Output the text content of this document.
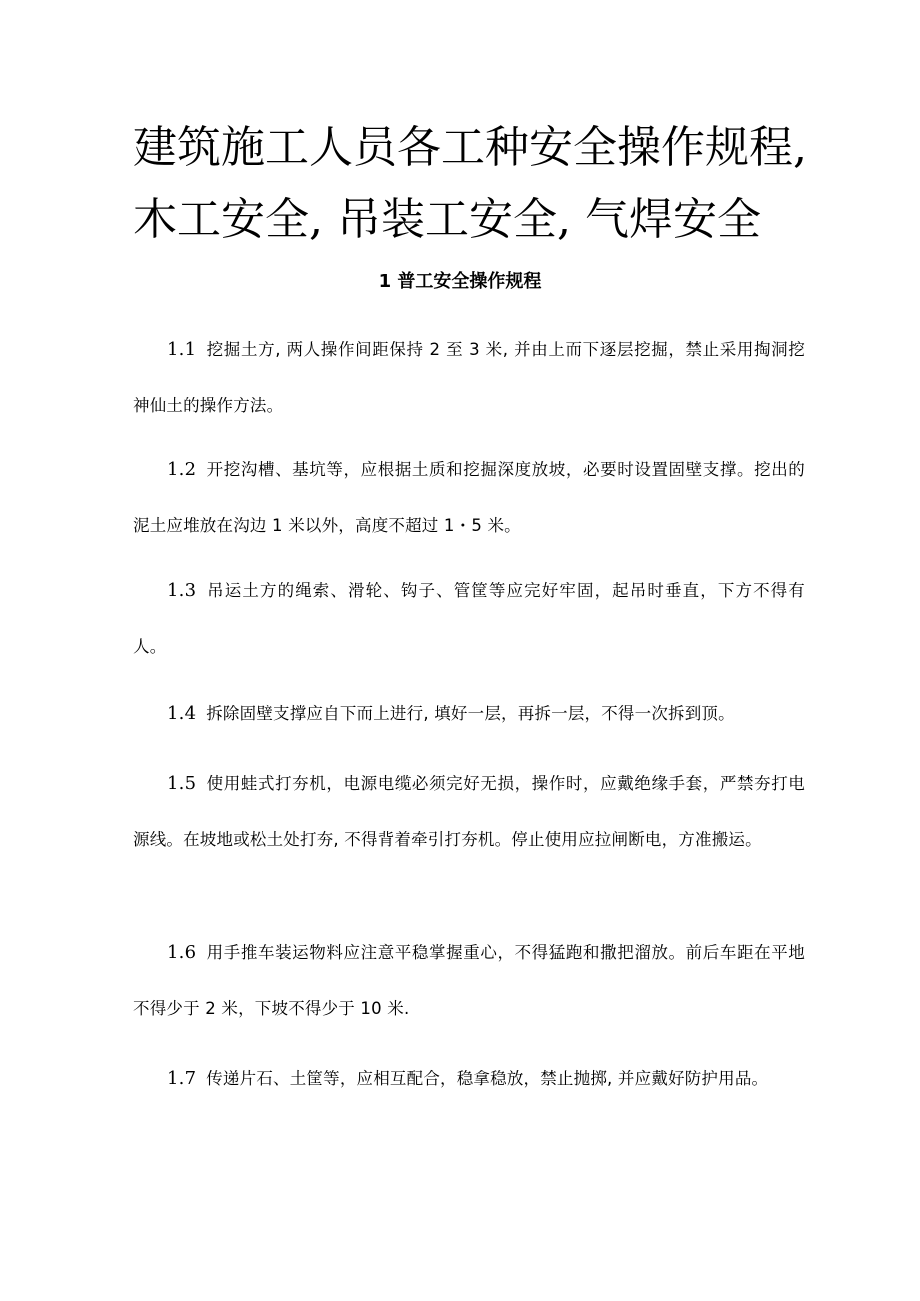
建筑施工人员各工种安全操作规程,
木工安全, 吊装工安全, 气焊安全
1 普工安全操作规程

1.1 挖掘土方, 两人操作间距保持 2 至 3 米, 并由上而下逐层挖掘，禁止采用掏洞挖神仙土的操作方法。

1.2 开挖沟槽、基坑等，应根据土质和挖掘深度放坡，必要时设置固壁支撑。挖出的泥土应堆放在沟边 1 米以外，高度不超过 1・5 米。

1.3 吊运土方的绳索、滑轮、钩子、管筐等应完好牢固，起吊时垂直，下方不得有人。

1.4 拆除固壁支撑应自下而上进行, 填好一层，再拆一层，不得一次拆到顶。

1.5 使用蛙式打夯机，电源电缆必须完好无损，操作时，应戴绝缘手套，严禁夯打电源线。在坡地或松土处打夯, 不得背着牵引打夯机。停止使用应拉闸断电，方准搬运。

1.6 用手推车装运物料应注意平稳掌握重心，不得猛跑和撒把溜放。前后车距在平地不得少于 2 米，下坡不得少于 10 米.

1.7 传递片石、土筐等，应相互配合，稳拿稳放，禁止抛掷, 并应戴好防护用品。
